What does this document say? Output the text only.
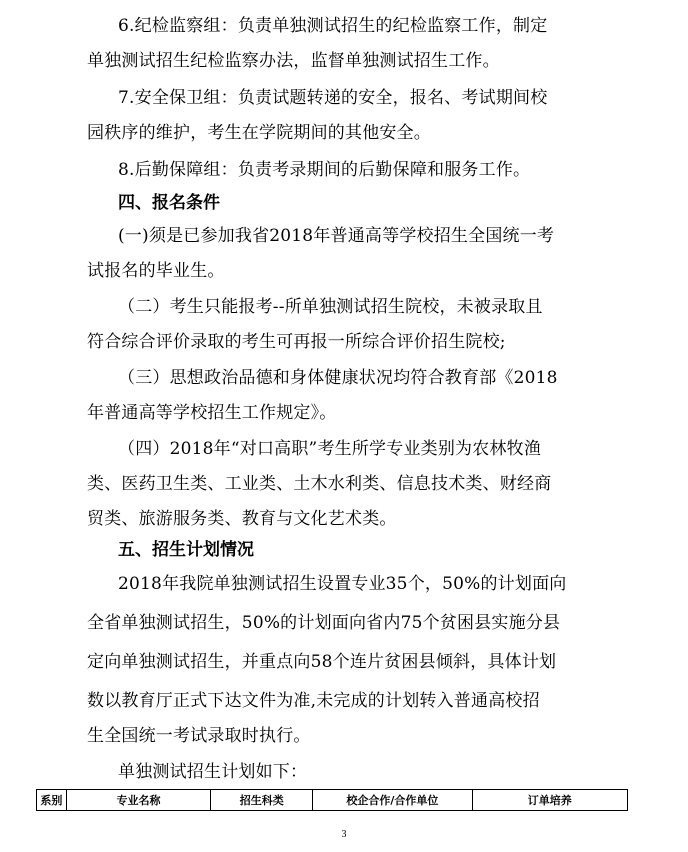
6.纪检监察组：负责单独测试招生的纪检监察工作，制定
单独测试招生纪检监察办法，监督单独测试招生工作。
7.安全保卫组：负责试题转递的安全，报名、考试期间校
园秩序的维护，考生在学院期间的其他安全。
8.后勤保障组：负责考录期间的后勤保障和服务工作。
四、报名条件
(一)须是已参加我省2018年普通高等学校招生全国统一考
试报名的毕业生。
（二）考生只能报考--所单独测试招生院校，未被录取且
符合综合评价录取的考生可再报一所综合评价招生院校;
（三）思想政治品德和身体健康状况均符合教育部《2018
年普通高等学校招生工作规定》。
（四）2018年“对口高职”考生所学专业类别为农林牧渔
类、医药卫生类、工业类、土木水利类、信息技术类、财经商
贸类、旅游服务类、教育与文化艺术类。
五、招生计划情况
2018年我院单独测试招生设置专业35个，50%的计划面向
全省单独测试招生，50%的计划面向省内75个贫困县实施分县
定向单独测试招生，并重点向58个连片贫困县倾斜，具体计划
数以教育厅正式下达文件为准,未完成的计划转入普通高校招
生全国统一考试录取时执行。
单独测试招生计划如下：
系别	专业名称	招生科类	校企合作/合作单位	订单培养
3
